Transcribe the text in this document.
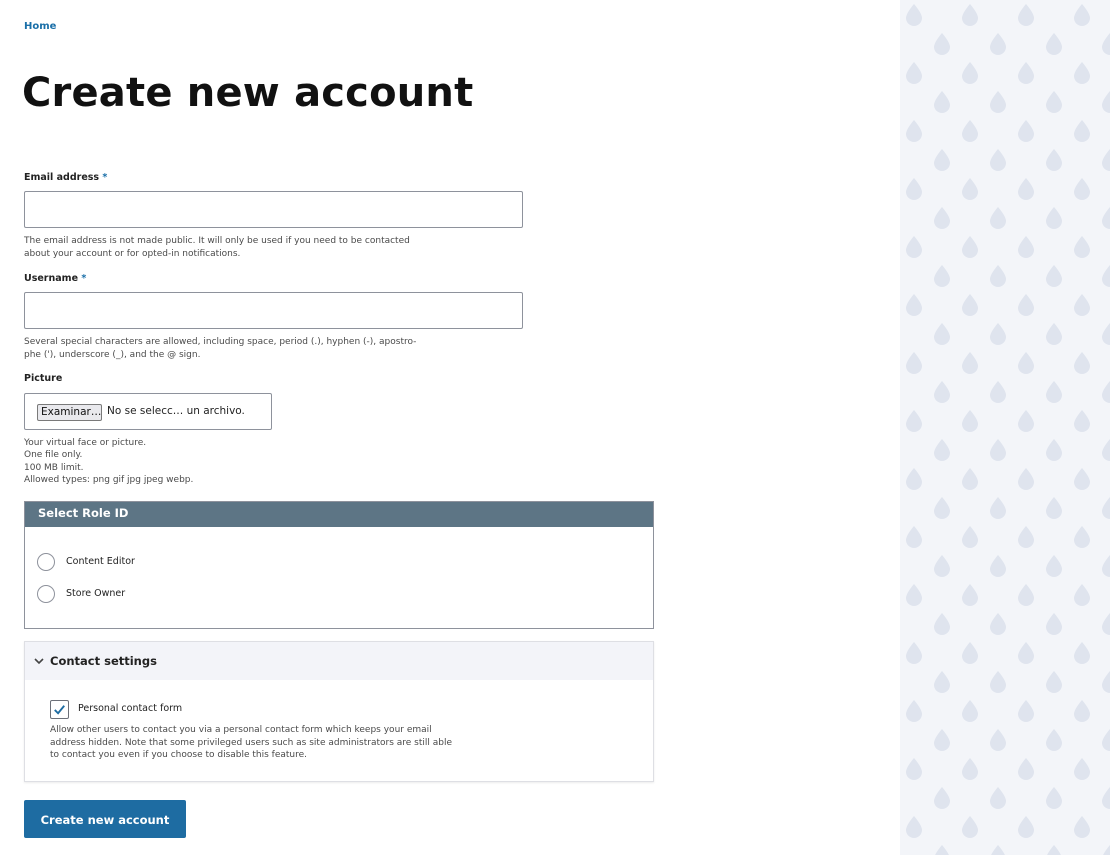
Home
Create new account
Email address *
The email address is not made public. It will only be used if you need to be contacted about your account or for opted-in notifications.
Username *
Several special characters are allowed, including space, period (.), hyphen (-), apostro- phe ('), underscore (_), and the @ sign.
Picture
Examinar… No se selecc… un archivo.
Your virtual face or picture.
One file only.
100 MB limit.
Allowed types: png gif jpg jpeg webp.
Select Role ID
Content Editor
Store Owner
Contact settings
Personal contact form
Allow other users to contact you via a personal contact form which keeps your email address hidden. Note that some privileged users such as site administrators are still able to contact you even if you choose to disable this feature.
Create new account
